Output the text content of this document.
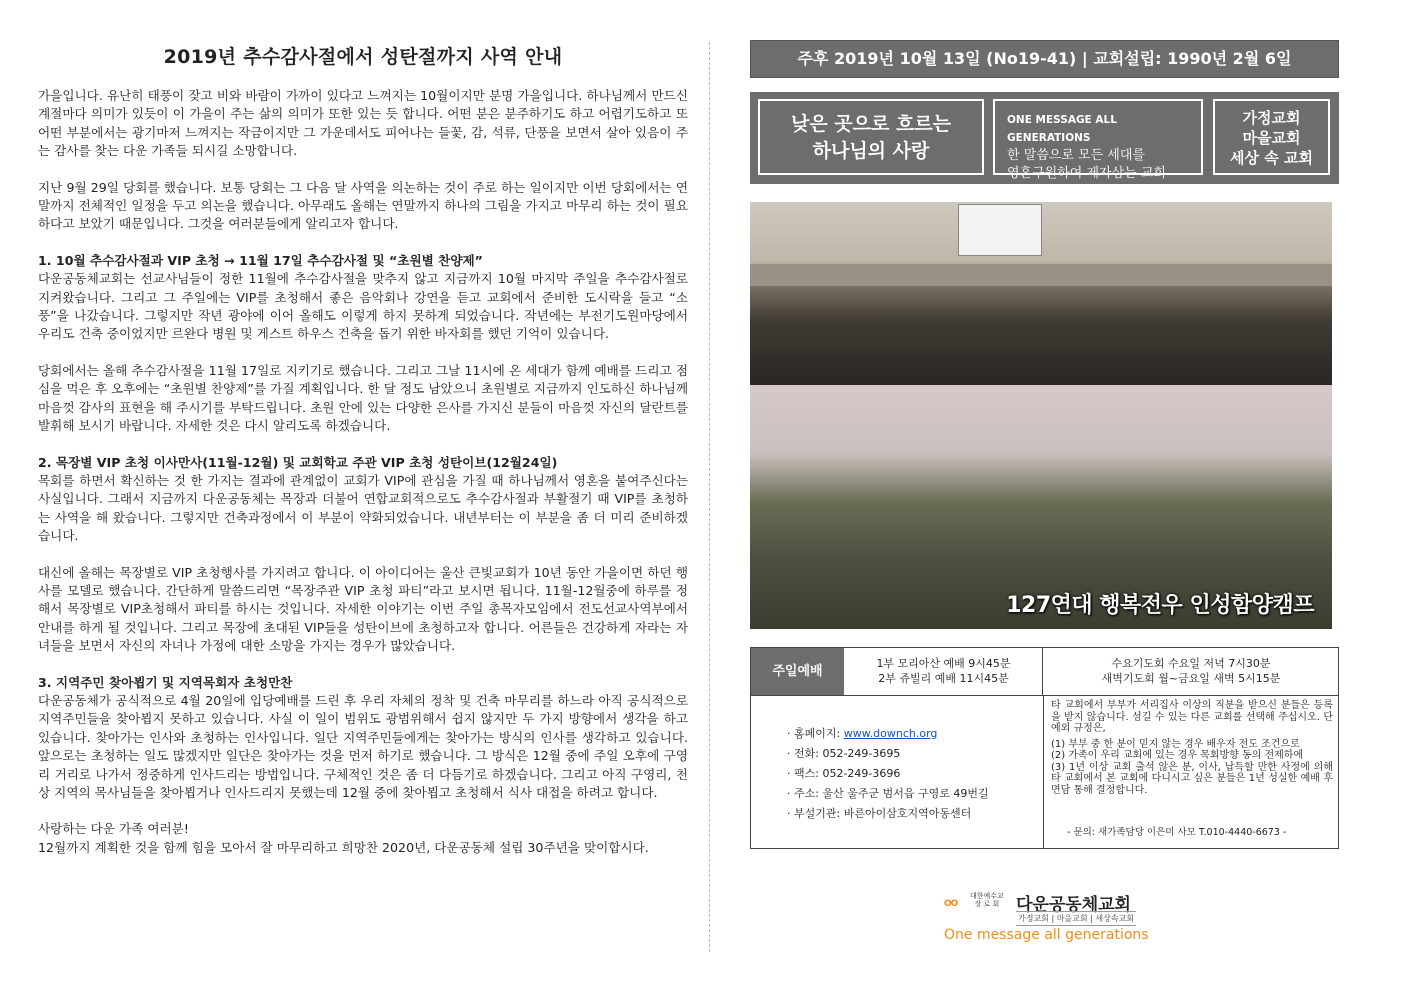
2019년 추수감사절에서 성탄절까지 사역 안내

가을입니다. 유난히 태풍이 잦고 비와 바람이 가까이 있다고 느껴지는 10월이지만 분명 가을입니다. 하나님께서 만드신 계절마다 의미가 있듯이 이 가을이 주는 삶의 의미가 또한 있는 듯 합니다. 어떤 분은 분주하기도 하고 어렵기도하고 또 어떤 부분에서는 광기마저 느껴지는 작금이지만 그 가운데서도 피어나는 들꽃, 감, 석류, 단풍을 보면서 살아 있음이 주는 감사를 찾는 다운 가족들 되시길 소망합니다.

지난 9월 29일 당회를 했습니다. 보통 당회는 그 다음 달 사역을 의논하는 것이 주로 하는 일이지만 이번 당회에서는 연말까지 전체적인 일정을 두고 의논을 했습니다. 아무래도 올해는 연말까지 하나의 그림을 가지고 마무리 하는 것이 필요하다고 보았기 때문입니다. 그것을 여러분들에게 알리고자 합니다.

1. 10월 추수감사절과 VIP 초청 → 11월 17일 추수감사절 및 “초원별 찬양제”

다운공동체교회는 선교사님들이 정한 11월에 추수감사절을 맞추지 않고 지금까지 10월 마지막 주일을 추수감사절로 지켜왔습니다. 그리고 그 주일에는 VIP를 초청해서 좋은 음악회나 강연을 듣고 교회에서 준비한 도시락을 들고 “소풍”을 나갔습니다. 그렇지만 작년 광야에 이어 올해도 이렇게 하지 못하게 되었습니다. 작년에는 부전기도원마당에서 우리도 건축 중이었지만 르완다 병원 및 게스트 하우스 건축을 돕기 위한 바자회를 했던 기억이 있습니다.

당회에서는 올해 추수감사절을 11월 17일로 지키기로 했습니다. 그리고 그날 11시에 온 세대가 함께 예배를 드리고 점심을 먹은 후 오후에는 “초원별 찬양제”를 가질 계획입니다. 한 달 정도 남았으니 초원별로 지금까지 인도하신 하나님께 마음껏 감사의 표현을 해 주시기를 부탁드립니다. 초원 안에 있는 다양한 은사를 가지신 분들이 마음껏 자신의 달란트를 발휘해 보시기 바랍니다. 자세한 것은 다시 알리도록 하겠습니다.

2. 목장별 VIP 초청 이사만사(11월-12월) 및 교회학교 주관 VIP 초청 성탄이브(12월24일)

목회를 하면서 확신하는 것 한 가지는 결과에 관계없이 교회가 VIP에 관심을 가질 때 하나님께서 영혼을 붙여주신다는 사실입니다. 그래서 지금까지 다운공동체는 목장과 더불어 연합교회적으로도 추수감사절과 부활절기 때 VIP를 초청하는 사역을 해 왔습니다. 그렇지만 건축과정에서 이 부분이 약화되었습니다. 내년부터는 이 부분을 좀 더 미리 준비하겠습니다.

대신에 올해는 목장별로 VIP 초청행사를 가지려고 합니다. 이 아이디어는 울산 큰빛교회가 10년 동안 가을이면 하던 행사를 모델로 했습니다. 간단하게 말씀드리면 “목장주관 VIP 초청 파티”라고 보시면 됩니다. 11월-12월중에 하루를 정해서 목장별로 VIP초청해서 파티를 하시는 것입니다. 자세한 이야기는 이번 주일 총목자모임에서 전도선교사역부에서 안내를 하게 될 것입니다. 그리고 목장에 초대된 VIP들을 성탄이브에 초청하고자 합니다. 어른들은 건강하게 자라는 자녀들을 보면서 자신의 자녀나 가정에 대한 소망을 가지는 경우가 많았습니다.

3. 지역주민 찾아뵙기 및 지역목회자 초청만찬

다운공동체가 공식적으로 4월 20일에 입당예배를 드린 후 우리 자체의 정착 및 건축 마무리를 하느라 아직 공식적으로 지역주민들을 찾아뵙지 못하고 있습니다. 사실 이 일이 범위도 광범위해서 쉽지 않지만 두 가지 방향에서 생각을 하고 있습니다. 찾아가는 인사와 초청하는 인사입니다. 일단 지역주민들에게는 찾아가는 방식의 인사를 생각하고 있습니다. 앞으로는 초청하는 일도 많겠지만 일단은 찾아가는 것을 먼저 하기로 했습니다. 그 방식은 12월 중에 주일 오후에 구영리 거리로 나가서 정중하게 인사드리는 방법입니다. 구체적인 것은 좀 더 다듬기로 하겠습니다. 그리고 아직 구영리, 천상 지역의 목사님들을 찾아뵙거나 인사드리지 못했는데 12월 중에 찾아뵙고 초청해서 식사 대접을 하려고 합니다.

사랑하는 다운 가족 여러분!

12월까지 계획한 것을 함께 힘을 모아서 잘 마무리하고 희망찬 2020년, 다운공동체 설립 30주년을 맞이합시다.

주후 2019년 10월 13일 (No19-41) | 교회설립: 1990년 2월 6일
낮은 곳으로 흐르는
하나님의 사랑
ONE MESSAGE ALL GENERATIONS
한 말씀으로 모든 세대를
영혼구원하여 제자삼는 교회
가정교회
마을교회
세상 속 교회
127연대 행복전우 인성함양캠프
주일예배
1부 모리아산 예배 9시45분
2부 쥬빌리 예배 11시45분
수요기도회 수요일 저녁 7시30분
새벽기도회 월~금요일 새벽 5시15분
· 홈페이지: www.downch.org
· 전화: 052-249-3695
· 팩스: 052-249-3696
· 주소: 울산 울주군 범서읍 구영로 49번길
· 부설기관: 바른아이삼호지역아동센터
타 교회에서 부부가 서리집사 이상의 직분을 받으신 분들은 등록을 받지 않습니다. 섬길 수 있는 다른 교회를 선택해 주십시오. 단 예외 규정은,
(1) 부부 중 한 분이 믿지 않는 경우 배우자 전도 조건으로
(2) 가족이 우리 교회에 있는 경우 목회방향 동의 전제하에
(3) 1년 이상 교회 출석 않은 분, 이사, 납득할 만한 사정에 의해 타 교회에서 본 교회에 다니시고 싶은 분들은 1년 성실한 예배 후 면담 통해 결정합니다.
- 문의: 새가족담당 이은미 사모 T.010-4440-6673 -
OO
대한예수교
장 로 회 다운공동체교회
가정교회 | 마을교회 | 세상속교회
One message all generations
